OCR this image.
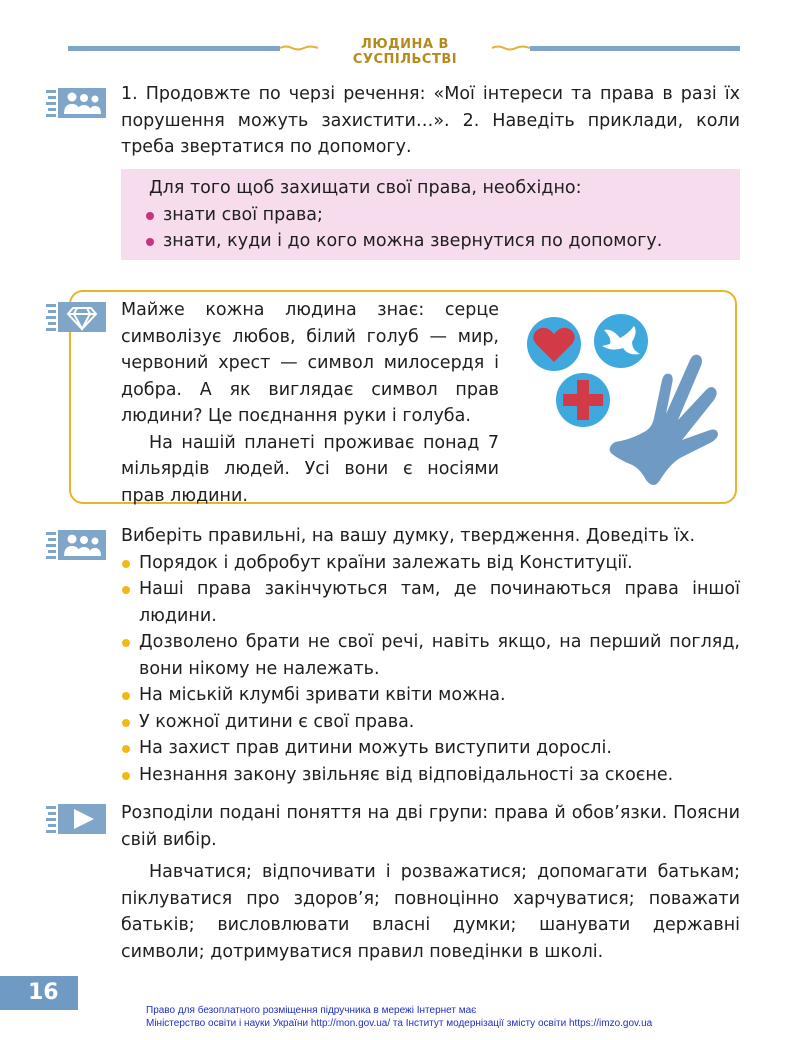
ЛЮДИНА В СУСПІЛЬСТВІ
1. Продовжте по черзі речення: «Мої інтереси та права в разі їх порушення можуть захистити…». 2. Наведіть приклади, коли треба звертатися по допомогу.

Для того щоб захищати свої права, необхідно:

знати свої права;
знати, куди і до кого можна звернутися по допомогу.

Майже кожна людина знає: серце символізує любов, білий голуб — мир, червоний хрест — символ милосердя і добра. А як виглядає символ прав людини? Це поєднання руки і голуба.

На нашій планеті проживає понад 7 мільярдів людей. Усі вони є носіями прав людини.

Виберіть правильні, на вашу думку, твердження. Доведіть їх.

Порядок і добробут країни залежать від Конституції.
Наші права закінчуються там, де починаються права іншої людини.
Дозволено брати не свої речі, навіть якщо, на перший погляд, вони нікому не належать.
На міській клумбі зривати квіти можна.
У кожної дитини є свої права.
На захист прав дитини можуть виступити дорослі.
Незнання закону звільняє від відповідальності за скоєне.

Розподіли подані поняття на дві групи: права й обов’язки. Поясни свій вибір.

Навчатися; відпочивати і розважатися; допомагати батькам; піклуватися про здоров’я; повноцінно харчуватися; поважати батьків; висловлювати власні думки; шанувати державні символи; дотримуватися правил поведінки в школі.

16
Право для безоплатного розміщення підручника в мережі Інтернет має
Міністерство освіти і науки України http://mon.gov.ua/ та Інститут модернізації змісту освіти https://imzo.gov.ua
